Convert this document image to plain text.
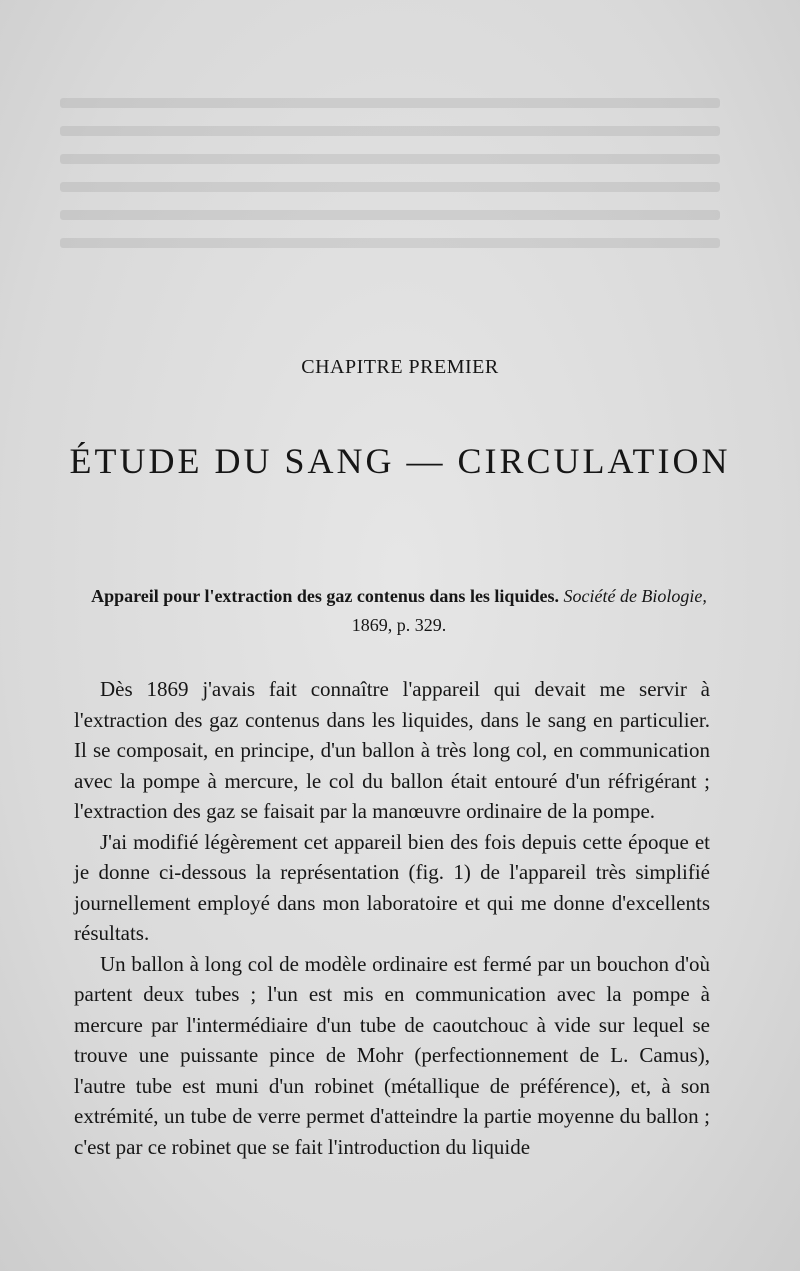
CHAPITRE PREMIER
ÉTUDE DU SANG — CIRCULATION
Appareil pour l'extraction des gaz contenus dans les liquides. Société de Biologie, 1869, p. 329.

Dès 1869 j'avais fait connaître l'appareil qui devait me servir à l'extraction des gaz contenus dans les liquides, dans le sang en particulier. Il se composait, en principe, d'un ballon à très long col, en communication avec la pompe à mercure, le col du ballon était entouré d'un réfrigérant ; l'extraction des gaz se faisait par la manœuvre ordinaire de la pompe.

J'ai modifié légèrement cet appareil bien des fois depuis cette époque et je donne ci-dessous la représentation (fig. 1) de l'appareil très simplifié journellement employé dans mon laboratoire et qui me donne d'excellents résultats.

Un ballon à long col de modèle ordinaire est fermé par un bouchon d'où partent deux tubes ; l'un est mis en communication avec la pompe à mercure par l'intermédiaire d'un tube de caoutchouc à vide sur lequel se trouve une puissante pince de Mohr (perfectionnement de L. Camus), l'autre tube est muni d'un robinet (métallique de préférence), et, à son extrémité, un tube de verre permet d'atteindre la partie moyenne du ballon ; c'est par ce robinet que se fait l'introduction du liquide
